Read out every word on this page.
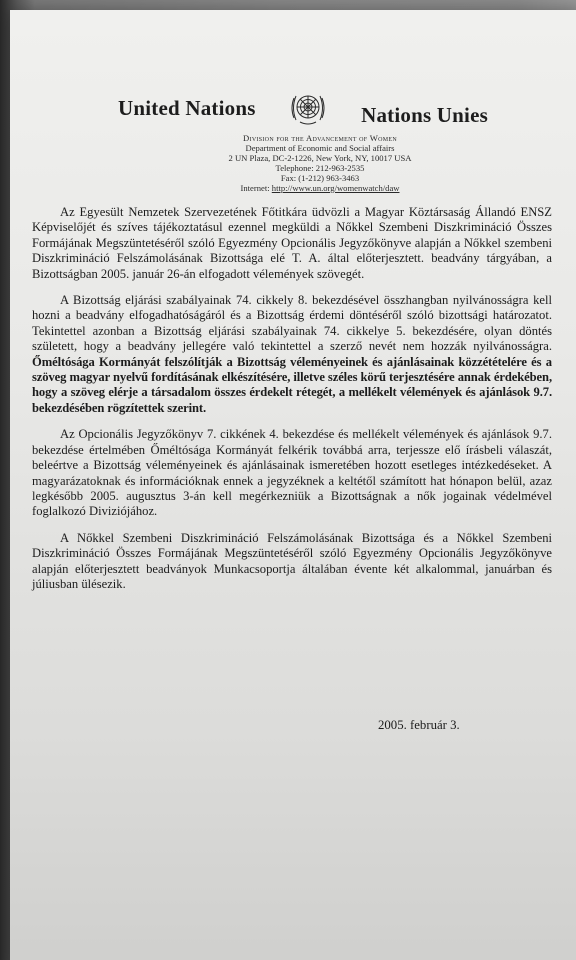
United Nations	Nations Unies
Division for the Advancement of Women
Department of Economic and Social affairs
2 UN Plaza, DC-2-1226, New York, NY, 10017 USA
Telephone: 212-963-2535
Fax: (1-212) 963-3463
Internet: http://www.un.org/womenwatch/daw

Az Egyesült Nemzetek Szervezetének Főtitkára üdvözli a Magyar Köztársaság Állandó ENSZ Képviselőjét és szíves tájékoztatásul ezennel megküldi a Nőkkel Szembeni Diszkrimináció Összes Formájának Megszüntetéséről szóló Egyezmény Opcionális Jegyzőkönyve alapján a Nőkkel szembeni Diszkrimináció Felszámolásának Bizottsága elé T. A. által előterjesztett. beadvány tárgyában, a Bizottságban 2005. január 26-án elfogadott vélemények szövegét.

A Bizottság eljárási szabályainak 74. cikkely 8. bekezdésével összhangban nyilvánosságra kell hozni a beadvány elfogadhatóságáról és a Bizottság érdemi döntéséről szóló bizottsági határozatot. Tekintettel azonban a Bizottság eljárási szabályainak 74. cikkelye 5. bekezdésére, olyan döntés született, hogy a beadvány jellegére való tekintettel a szerző nevét nem hozzák nyilvánosságra. Őméltósága Kormányát felszólítják a Bizottság véleményeinek és ajánlásainak közzétételére és a szöveg magyar nyelvű fordításának elkészítésére, illetve széles körű terjesztésére annak érdekében, hogy a szöveg elérje a társadalom összes érdekelt rétegét, a mellékelt vélemények és ajánlások 9.7. bekezdésében rögzítettek szerint.

Az Opcionális Jegyzőkönyv 7. cikkének 4. bekezdése és mellékelt vélemények és ajánlások 9.7. bekezdése értelmében Őméltósága Kormányát felkérik továbbá arra, terjessze elő írásbeli válaszát, beleértve a Bizottság véleményeinek és ajánlásainak ismeretében hozott esetleges intézkedéseket. A magyarázatoknak és információknak ennek a jegyzéknek a keltétől számított hat hónapon belül, azaz legkésőbb 2005. augusztus 3-án kell megérkezniük a Bizottságnak a nők jogainak védelmével foglalkozó Diviziójához.

A Nőkkel Szembeni Diszkrimináció Felszámolásának Bizottsága és a Nőkkel Szembeni Diszkrimináció Összes Formájának Megszüntetéséről szóló Egyezmény Opcionális Jegyzőkönyve alapján előterjesztett beadványok Munkacsoportja általában évente két alkalommal, januárban és júliusban ülésezik.

2005. február 3.
